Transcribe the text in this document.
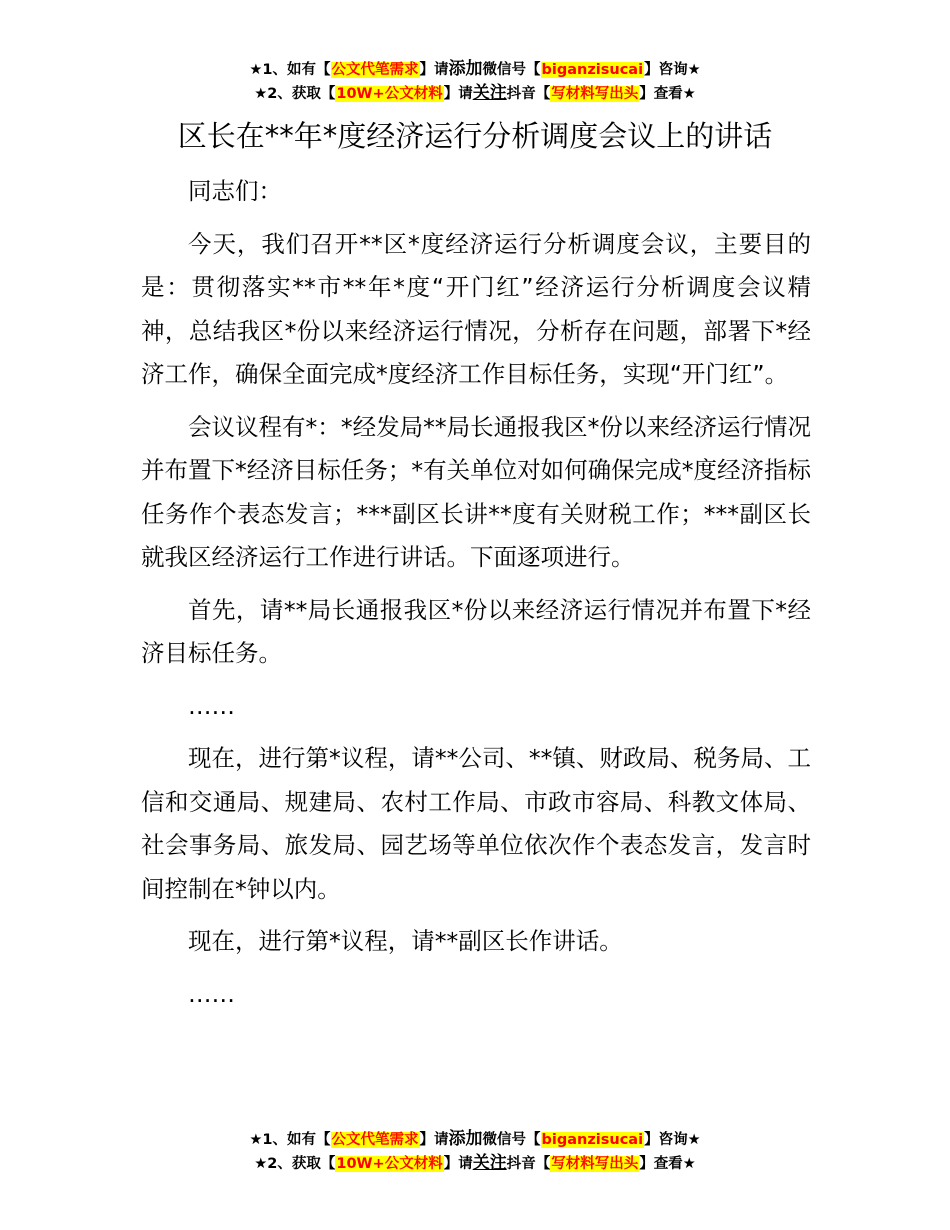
★1、如有【公文代笔需求】请添加微信号【biganzisucai】咨询★
★2、获取【10W+公文材料】请关注抖音【写材料写出头】查看★
区长在**年*度经济运行分析调度会议上的讲话

同志们：

今天，我们召开**区*度经济运行分析调度会议，主要目的是：贯彻落实**市**年*度“开门红”经济运行分析调度会议精神，总结我区*份以来经济运行情况，分析存在问题，部署下*经济工作，确保全面完成*度经济工作目标任务，实现“开门红”。

会议议程有*：*经发局**局长通报我区*份以来经济运行情况并布置下*经济目标任务；*有关单位对如何确保完成*度经济指标任务作个表态发言；***副区长讲**度有关财税工作；***副区长就我区经济运行工作进行讲话。下面逐项进行。

首先，请**局长通报我区*份以来经济运行情况并布置下*经济目标任务。

……

现在，进行第*议程，请**公司、**镇、财政局、税务局、工信和交通局、规建局、农村工作局、市政市容局、科教文体局、社会事务局、旅发局、园艺场等单位依次作个表态发言，发言时间控制在*钟以内。

现在，进行第*议程，请**副区长作讲话。

……

★1、如有【公文代笔需求】请添加微信号【biganzisucai】咨询★
★2、获取【10W+公文材料】请关注抖音【写材料写出头】查看★
